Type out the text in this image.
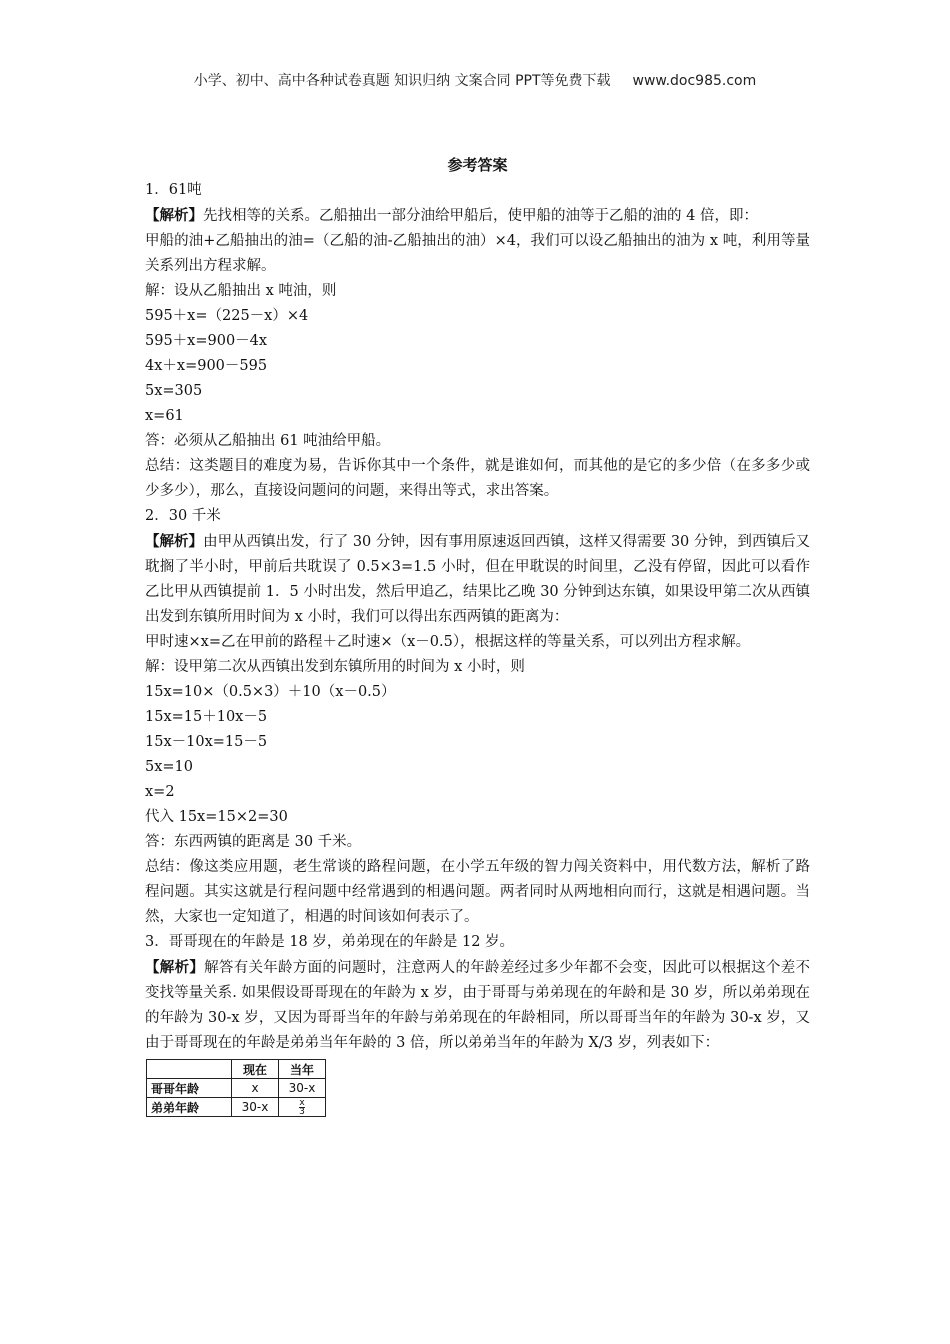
小学、初中、高中各种试卷真题 知识归纳 文案合同 PPT等免费下载 www.doc985.com
参考答案
1．61吨
【解析】先找相等的关系。乙船抽出一部分油给甲船后，使甲船的油等于乙船的油的 4 倍，即：
甲船的油+乙船抽出的油=（乙船的油-乙船抽出的油）×4，我们可以设乙船抽出的油为 x 吨，利用等量关系列出方程求解。
解：设从乙船抽出 x 吨油，则
595＋x=（225－x）×4
595＋x=900－4x
4x＋x=900－595
5x=305
x=61
答：必须从乙船抽出 61 吨油给甲船。
总结：这类题目的难度为易，告诉你其中一个条件，就是谁如何，而其他的是它的多少倍（在多多少或少多少），那么，直接设问题问的问题，来得出等式，求出答案。
2．30 千米
【解析】由甲从西镇出发，行了 30 分钟，因有事用原速返回西镇，这样又得需要 30 分钟，到西镇后又耽搁了半小时，甲前后共耽误了 0.5×3=1.5 小时，但在甲耽误的时间里，乙没有停留，因此可以看作乙比甲从西镇提前 1．5 小时出发，然后甲追乙，结果比乙晚 30 分钟到达东镇，如果设甲第二次从西镇出发到东镇所用时间为 x 小时，我们可以得出东西两镇的距离为：
甲时速×x=乙在甲前的路程＋乙时速×（x－0.5），根据这样的等量关系，可以列出方程求解。
解：设甲第二次从西镇出发到东镇所用的时间为 x 小时，则
15x=10×（0.5×3）＋10（x－0.5）
15x=15＋10x－5
15x－10x=15－5
5x=10
x=2
代入 15x=15×2=30
答：东西两镇的距离是 30 千米。
总结：像这类应用题，老生常谈的路程问题，在小学五年级的智力闯关资料中，用代数方法，解析了路程问题。其实这就是行程问题中经常遇到的相遇问题。两者同时从两地相向而行，这就是相遇问题。当然，大家也一定知道了，相遇的时间该如何表示了。
3．哥哥现在的年龄是 18 岁，弟弟现在的年龄是 12 岁。
【解析】解答有关年龄方面的问题时，注意两人的年龄差经过多少年都不会变，因此可以根据这个差不变找等量关系. 如果假设哥哥现在的年龄为 x 岁，由于哥哥与弟弟现在的年龄和是 30 岁，所以弟弟现在的年龄为 30-x 岁，又因为哥哥当年的年龄与弟弟现在的年龄相同，所以哥哥当年的年龄为 30-x 岁，又由于哥哥现在的年龄是弟弟当年年龄的 3 倍，所以弟弟当年的年龄为 X/3 岁，列表如下：
	现在	当年
哥哥年龄	x	30-x
弟弟年龄	30-x	$\frac{x}{3}$
